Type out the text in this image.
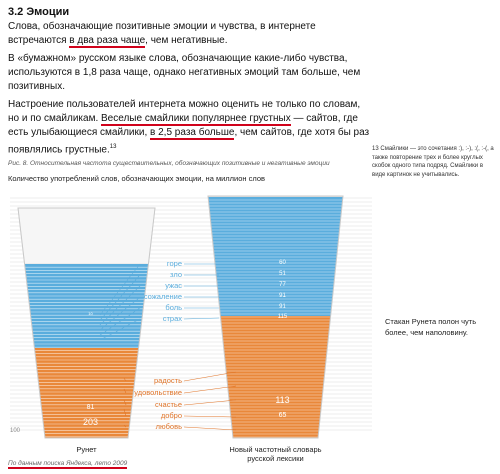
3.2 Эмоции
Слова, обозначающие позитивные эмоции и чувства, в интернете встречаются в два раза чаще, чем негативные.
В «бумажном» русском языке слова, обозначающие какие-либо чувства, используются в 1,8 раза чаще, однако негативных эмоций там больше, чем позитивных.
Настроение пользователей интернета можно оценить не только по словам, но и по смайликам. Веселые смайлики популярнее грустных — сайтов, где есть улыбающиеся смайлики, в 2,5 раза больше, чем сайтов, где хотя бы раз появлялись грустные.$^{13}$	13 Смайлики — это сочетания :), :-), :(, :-(, а также повторение трех и более круглых скобок одного типа подряд. Смайлики в виде картинок не учитывались.
Рис. 8. Относительная частота существительных, обозначающих позитивные и негативные эмоции
Количество употреблений слов, обозначающих эмоции, на миллион слов
100
10
81
203
Рунет
60
51
77
91
91
115
65
113
Новый частотный словарь
русской лексики
горе
зло
ужас
сожаление
боль
страх
радость
удовольствие
счастье
добро
любовь
Стакан Рунета полон чуть более, чем наполовину.
По данным поиска Яндекса, лето 2009
